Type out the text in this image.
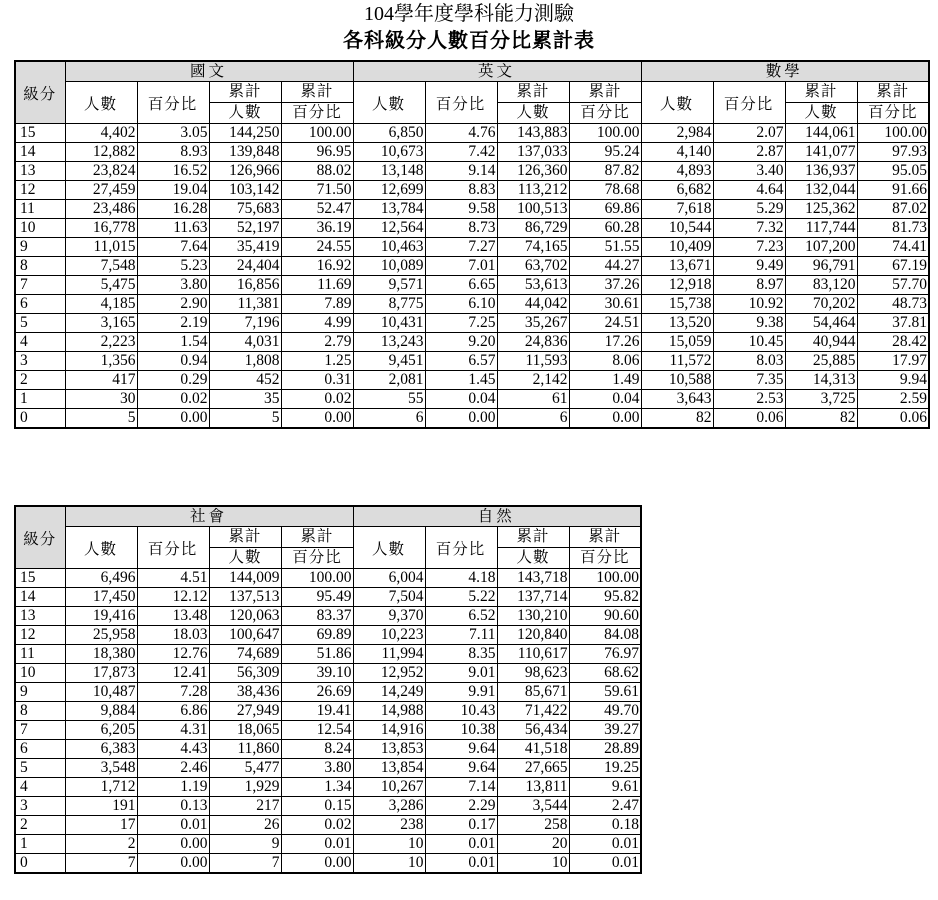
104學年度學科能力測驗
各科級分人數百分比累計表
級分	國文				英文				數學			
	人數	百分比	累計	累計	人數	百分比	累計	累計	人數	百分比	累計	累計
			人數	百分比			人數	百分比			人數	百分比
15	4,402	3.05	144,250	100.00	6,850	4.76	143,883	100.00	2,984	2.07	144,061	100.00
14	12,882	8.93	139,848	96.95	10,673	7.42	137,033	95.24	4,140	2.87	141,077	97.93
13	23,824	16.52	126,966	88.02	13,148	9.14	126,360	87.82	4,893	3.40	136,937	95.05
12	27,459	19.04	103,142	71.50	12,699	8.83	113,212	78.68	6,682	4.64	132,044	91.66
11	23,486	16.28	75,683	52.47	13,784	9.58	100,513	69.86	7,618	5.29	125,362	87.02
10	16,778	11.63	52,197	36.19	12,564	8.73	86,729	60.28	10,544	7.32	117,744	81.73
9	11,015	7.64	35,419	24.55	10,463	7.27	74,165	51.55	10,409	7.23	107,200	74.41
8	7,548	5.23	24,404	16.92	10,089	7.01	63,702	44.27	13,671	9.49	96,791	67.19
7	5,475	3.80	16,856	11.69	9,571	6.65	53,613	37.26	12,918	8.97	83,120	57.70
6	4,185	2.90	11,381	7.89	8,775	6.10	44,042	30.61	15,738	10.92	70,202	48.73
5	3,165	2.19	7,196	4.99	10,431	7.25	35,267	24.51	13,520	9.38	54,464	37.81
4	2,223	1.54	4,031	2.79	13,243	9.20	24,836	17.26	15,059	10.45	40,944	28.42
3	1,356	0.94	1,808	1.25	9,451	6.57	11,593	8.06	11,572	8.03	25,885	17.97
2	417	0.29	452	0.31	2,081	1.45	2,142	1.49	10,588	7.35	14,313	9.94
1	30	0.02	35	0.02	55	0.04	61	0.04	3,643	2.53	3,725	2.59
0	5	0.00	5	0.00	6	0.00	6	0.00	82	0.06	82	0.06
級分	社會				自然			
	人數	百分比	累計	累計	人數	百分比	累計	累計
			人數	百分比			人數	百分比
15	6,496	4.51	144,009	100.00	6,004	4.18	143,718	100.00
14	17,450	12.12	137,513	95.49	7,504	5.22	137,714	95.82
13	19,416	13.48	120,063	83.37	9,370	6.52	130,210	90.60
12	25,958	18.03	100,647	69.89	10,223	7.11	120,840	84.08
11	18,380	12.76	74,689	51.86	11,994	8.35	110,617	76.97
10	17,873	12.41	56,309	39.10	12,952	9.01	98,623	68.62
9	10,487	7.28	38,436	26.69	14,249	9.91	85,671	59.61
8	9,884	6.86	27,949	19.41	14,988	10.43	71,422	49.70
7	6,205	4.31	18,065	12.54	14,916	10.38	56,434	39.27
6	6,383	4.43	11,860	8.24	13,853	9.64	41,518	28.89
5	3,548	2.46	5,477	3.80	13,854	9.64	27,665	19.25
4	1,712	1.19	1,929	1.34	10,267	7.14	13,811	9.61
3	191	0.13	217	0.15	3,286	2.29	3,544	2.47
2	17	0.01	26	0.02	238	0.17	258	0.18
1	2	0.00	9	0.01	10	0.01	20	0.01
0	7	0.00	7	0.00	10	0.01	10	0.01
